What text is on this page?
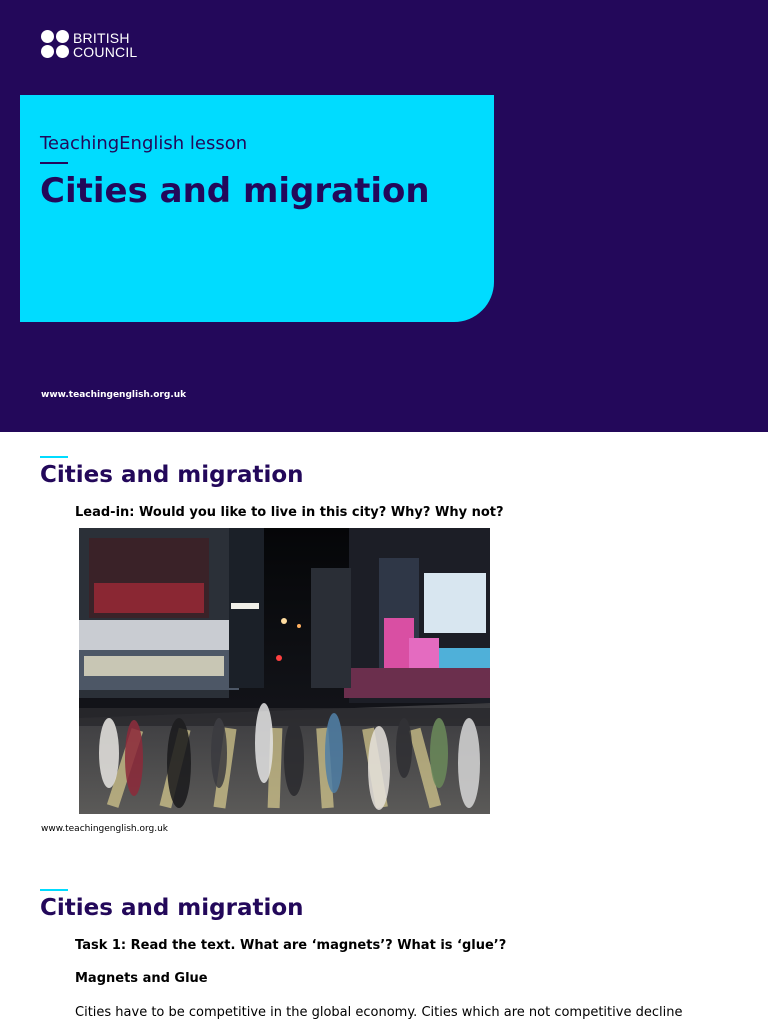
BRITISH
COUNCIL
TeachingEnglish lesson
Cities and migration
www.teachingenglish.org.uk
Cities and migration
Lead-in: Would you like to live in this city? Why? Why not?
www.teachingenglish.org.uk
Cities and migration
Task 1: Read the text. What are ‘magnets’? What is ‘glue’?
Magnets and Glue
Cities have to be competitive in the global economy. Cities which are not competitive decline
